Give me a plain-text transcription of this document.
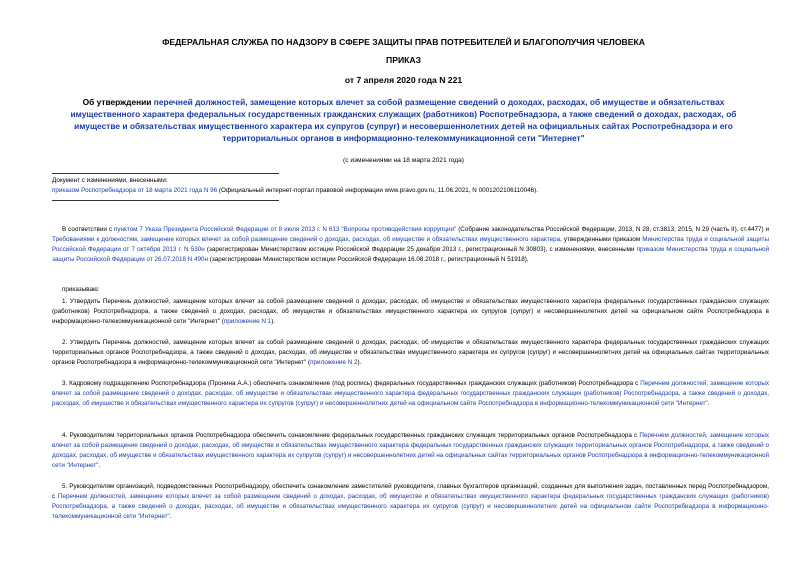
ФЕДЕРАЛЬНАЯ СЛУЖБА ПО НАДЗОРУ В СФЕРЕ ЗАЩИТЫ ПРАВ ПОТРЕБИТЕЛЕЙ И БЛАГОПОЛУЧИЯ ЧЕЛОВЕКА
ПРИКАЗ
от 7 апреля 2020 года N 221
Об утверждении перечней должностей, замещение которых влечет за собой размещение сведений о доходах, расходах, об имуществе и обязательствах имущественного характера федеральных государственных гражданских служащих (работников) Роспотребнадзора, а также сведений о доходах, расходах, об имуществе и обязательствах имущественного характера их супругов (супруг) и несовершеннолетних детей на официальных сайтах Роспотребнадзора и его территориальных органов в информационно-телекоммуникационной сети "Интернет"
(с изменениями на 18 марта 2021 года)
Документ с изменениями, внесенными:
приказом Роспотребнадзора от 18 марта 2021 года N 96 (Официальный интернет-портал правовой информации www.pravo.gov.ru, 11.06.2021, N 0001202106110046).
В соответствии с пунктом 7 Указа Президента Российской Федерации от 8 июля 2013 г. N 613 "Вопросы противодействия коррупции" (Собрание законодательства Российской Федерации, 2013, N 28, ст.3813; 2015, N 29 (часть II), ст.4477) и Требованиями к должностям, замещение которых влечет за собой размещение сведений о доходах, расходах, об имуществе и обязательствах имущественного характера, утвержденными приказом Министерства труда и социальной защиты Российской Федерации от 7 октября 2013 г. N 530н (зарегистрирован Министерством юстиции Российской Федерации 25 декабря 2013 г., регистрационный N 30803), с изменениями, внесенными приказом Министерства труда и социальной защиты Российской Федерации от 26.07.2018 N 490н (зарегистрирован Министерством юстиции Российской Федерации 16.08.2018 г., регистрационный N 51918),
приказываю:
1. Утвердить Перечень должностей, замещение которых влечет за собой размещение сведений о доходах, расходах, об имуществе и обязательствах имущественного характера федеральных государственных гражданских служащих (работников) Роспотребнадзора, а также сведений о доходах, расходах, об имуществе и обязательствах имущественного характера их супругов (супруг) и несовершеннолетних детей на официальном сайте Роспотребнадзора в информационно-телекоммуникационной сети "Интернет" (приложение N 1).
2. Утвердить Перечень должностей, замещение которых влечет за собой размещение сведений о доходах, расходах, об имуществе и обязательствах имущественного характера федеральных государственных гражданских служащих территориальных органов Роспотребнадзора, а также сведений о доходах, расходах, об имуществе и обязательствах имущественного характера их супругов (супруг) и несовершеннолетних детей на официальных сайтах территориальных органов Роспотребнадзора в информационно-телекоммуникационной сети "Интернет" (приложение N 2).
3. Кадровому подразделению Роспотребнадзора (Пронина А.А.) обеспечить ознакомление (под роспись) федеральных государственных гражданских служащих (работников) Роспотребнадзора с Перечнем должностей, замещение которых влечет за собой размещение сведений о доходах, расходах, об имуществе и обязательствах имущественного характера федеральных государственных гражданских служащих (работников) Роспотребнадзора, а также сведений о доходах, расходах, об имуществе и обязательствах имущественного характера их супругов (супруг) и несовершеннолетних детей на официальном сайте Роспотребнадзора в информационно-телекоммуникационной сети "Интернет".
4. Руководителям территориальных органов Роспотребнадзора обеспечить ознакомление федеральных государственных гражданских служащих территориальных органов Роспотребнадзора с Перечнем должностей, замещение которых влечет за собой размещение сведений о доходах, расходах, об имуществе и обязательствах имущественного характера федеральных государственных гражданских служащих территориальных органов Роспотребнадзора, а также сведений о доходах, расходах, об имуществе и обязательствах имущественного характера их супругов (супруг) и несовершеннолетних детей на официальных сайтах территориальных органов Роспотребнадзора в информационно-телекоммуникационной сети "Интернет".
5. Руководителям организаций, подведомственных Роспотребнадзору, обеспечить ознакомление заместителей руководителя, главных бухгалтеров организаций, созданных для выполнения задач, поставленных перед Роспотребнадзором, с Перечнем должностей, замещение которых влечет за собой размещение сведений о доходах, расходах, об имуществе и обязательствах имущественного характера федеральных государственных гражданских служащих (работников) Роспотребнадзора, а также сведений о доходах, расходах, об имуществе и обязательствах имущественного характера их супругов (супруг) и несовершеннолетних детей на официальном сайте Роспотребнадзора в информационно-телекоммуникационной сети "Интернет".
